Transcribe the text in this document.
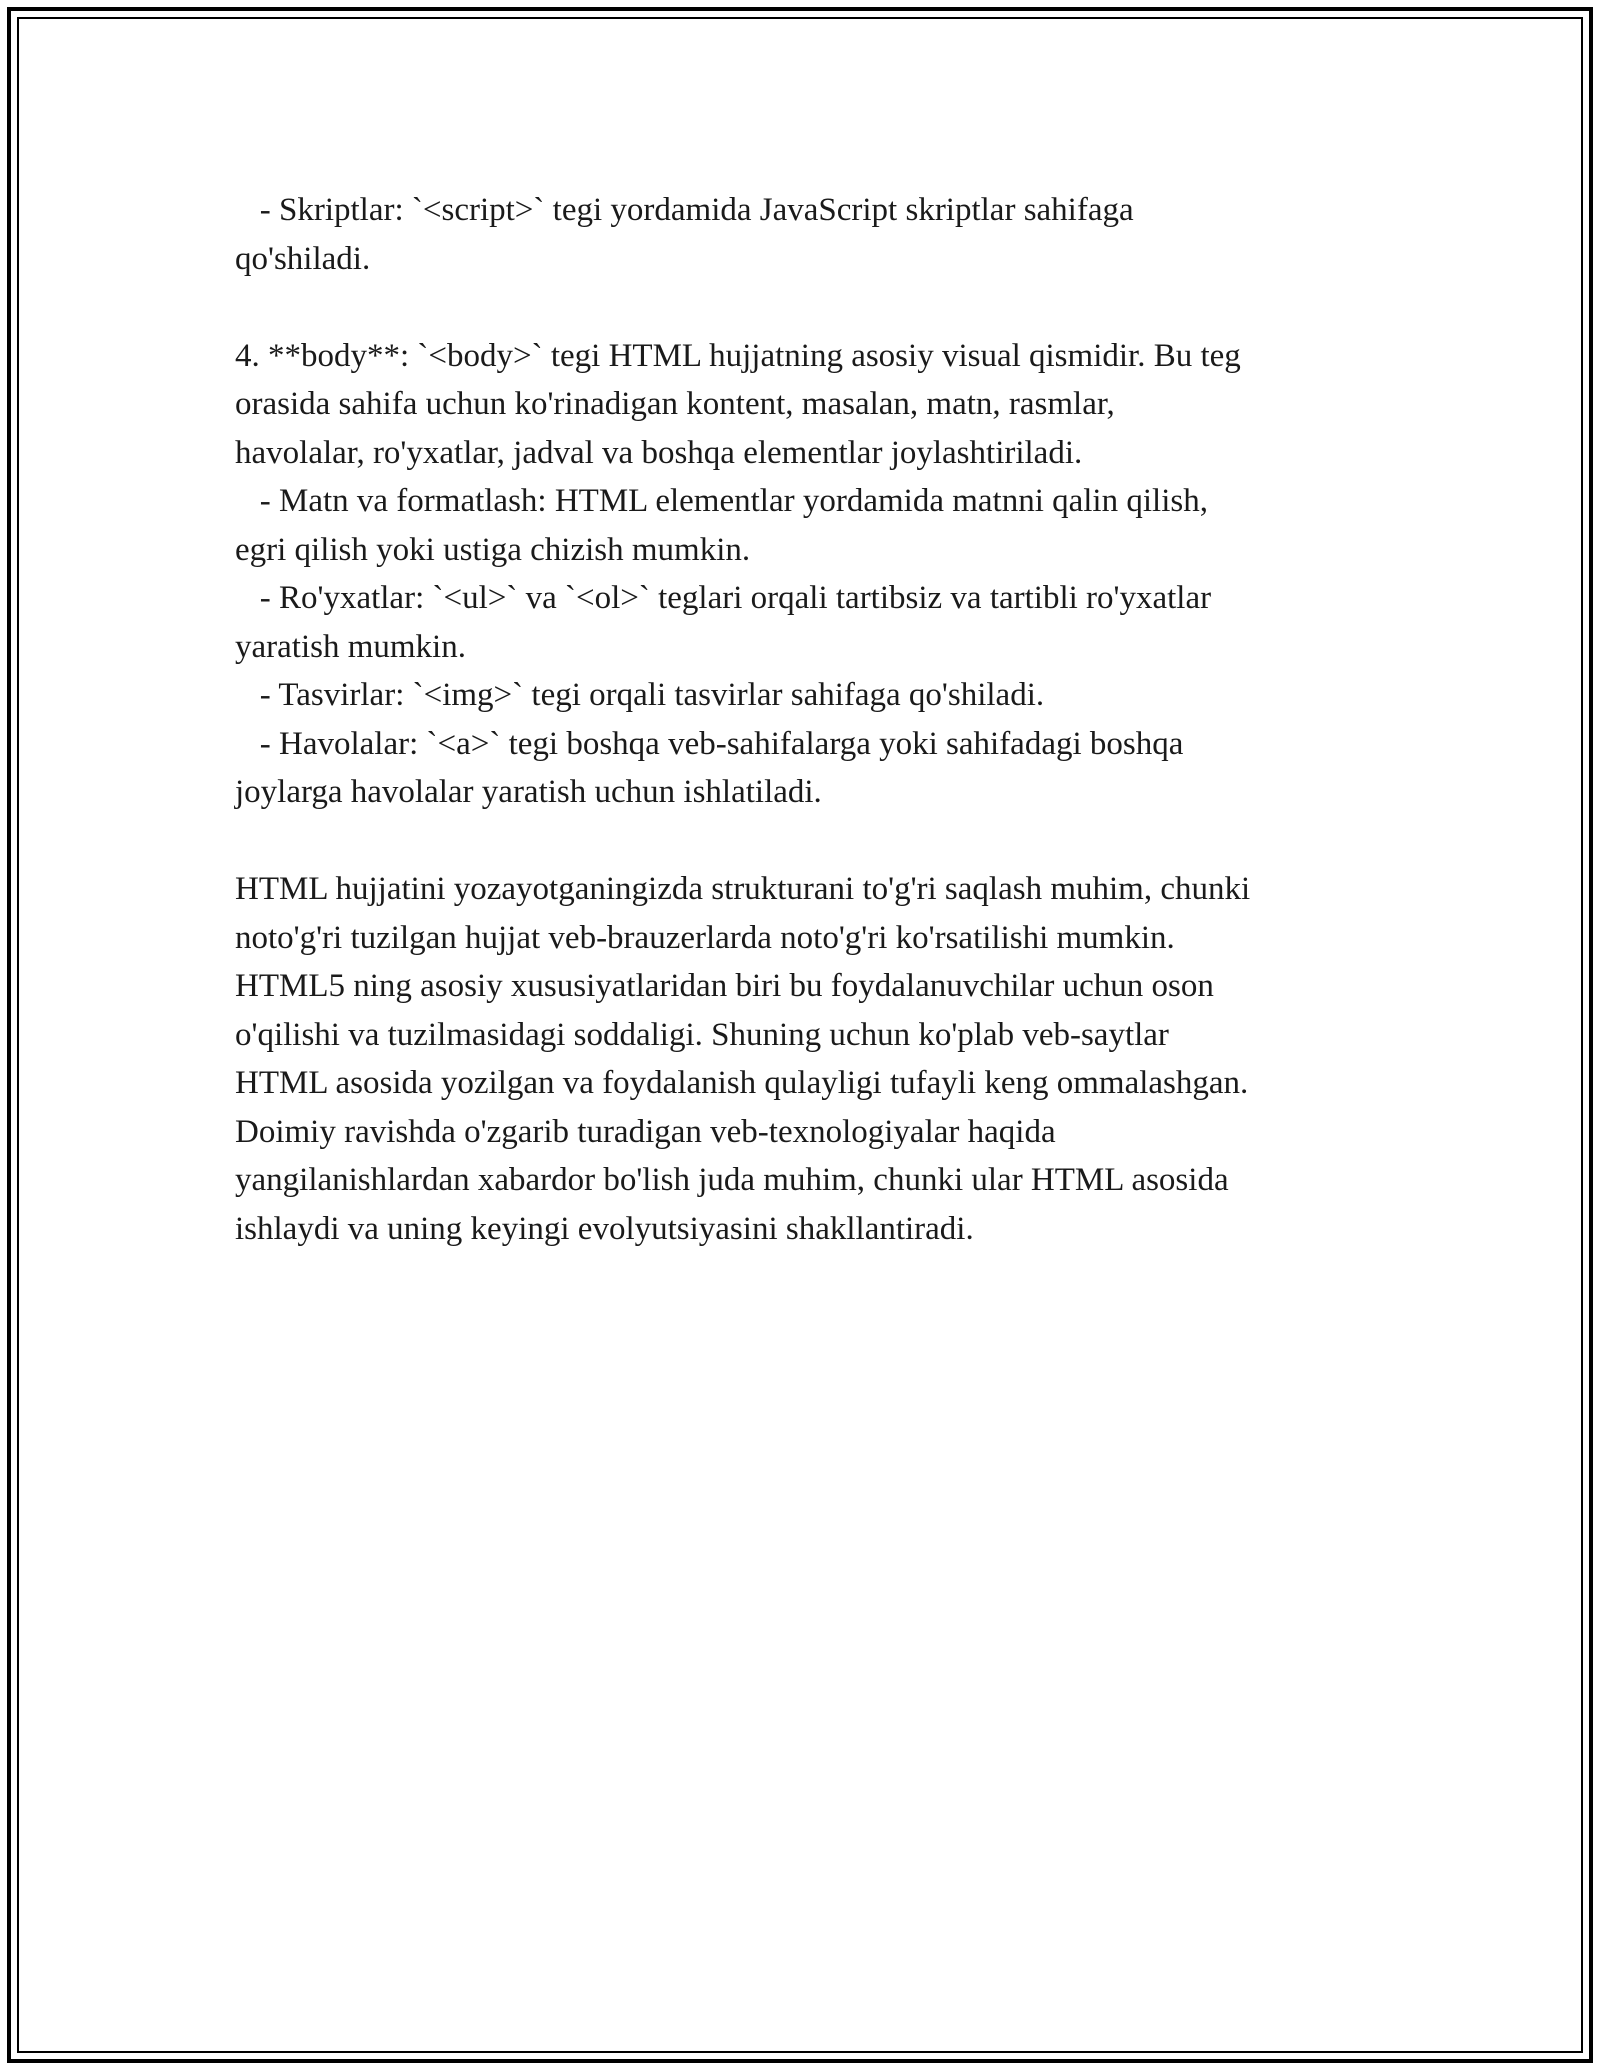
- Skriptlar: `<script>` tegi yordamida JavaScript skriptlar sahifaga

qo'shiladi.

4. **body**: `<body>` tegi HTML hujjatning asosiy visual qismidir. Bu teg

orasida sahifa uchun ko'rinadigan kontent, masalan, matn, rasmlar,

havolalar, ro'yxatlar, jadval va boshqa elementlar joylashtiriladi.

- Matn va formatlash: HTML elementlar yordamida matnni qalin qilish,

egri qilish yoki ustiga chizish mumkin.

- Ro'yxatlar: `<ul>` va `<ol>` teglari orqali tartibsiz va tartibli ro'yxatlar

yaratish mumkin.

- Tasvirlar: `<img>` tegi orqali tasvirlar sahifaga qo'shiladi.

- Havolalar: `<a>` tegi boshqa veb-sahifalarga yoki sahifadagi boshqa

joylarga havolalar yaratish uchun ishlatiladi.

HTML hujjatini yozayotganingizda strukturani to'g'ri saqlash muhim, chunki

noto'g'ri tuzilgan hujjat veb-brauzerlarda noto'g'ri ko'rsatilishi mumkin.

HTML5 ning asosiy xususiyatlaridan biri bu foydalanuvchilar uchun oson

o'qilishi va tuzilmasidagi soddaligi. Shuning uchun ko'plab veb-saytlar

HTML asosida yozilgan va foydalanish qulayligi tufayli keng ommalashgan.

Doimiy ravishda o'zgarib turadigan veb-texnologiyalar haqida

yangilanishlardan xabardor bo'lish juda muhim, chunki ular HTML asosida

ishlaydi va uning keyingi evolyutsiyasini shakllantiradi.
